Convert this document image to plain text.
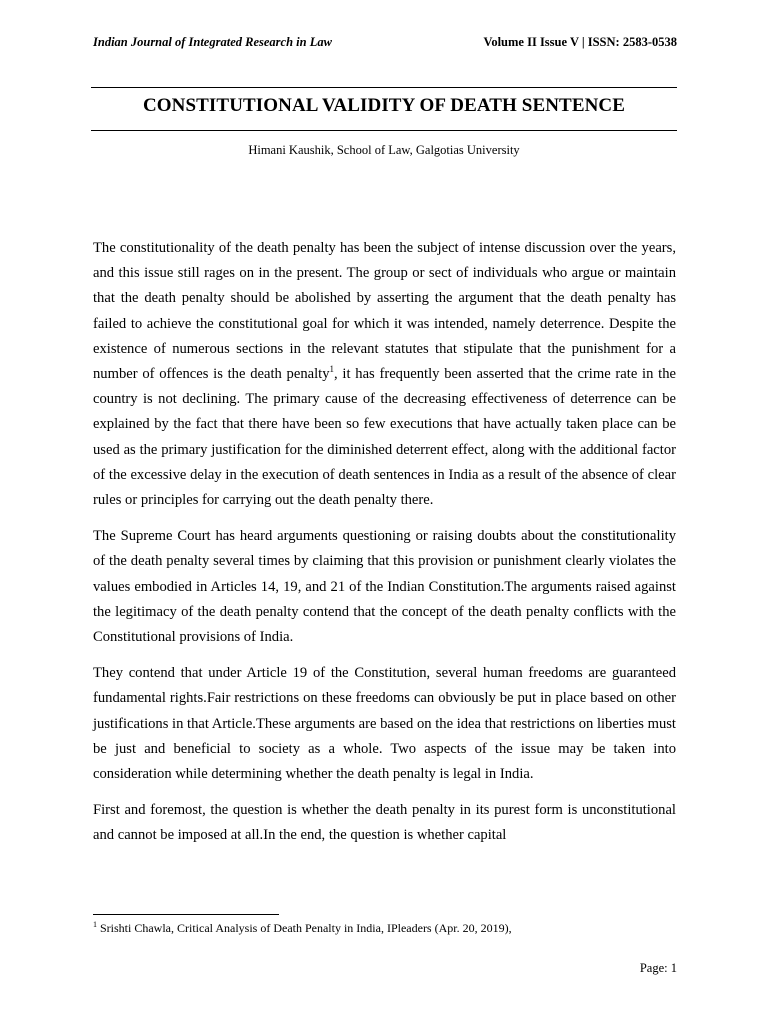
Indian Journal of Integrated Research in Law	Volume II Issue V | ISSN: 2583-0538
CONSTITUTIONAL VALIDITY OF DEATH SENTENCE
Himani Kaushik, School of Law, Galgotias University

The constitutionality of the death penalty has been the subject of intense discussion over the years, and this issue still rages on in the present. The group or sect of individuals who argue or maintain that the death penalty should be abolished by asserting the argument that the death penalty has failed to achieve the constitutional goal for which it was intended, namely deterrence. Despite the existence of numerous sections in the relevant statutes that stipulate that the punishment for a number of offences is the death penalty$^1$, it has frequently been asserted that the crime rate in the country is not declining. The primary cause of the decreasing effectiveness of deterrence can be explained by the fact that there have been so few executions that have actually taken place can be used as the primary justification for the diminished deterrent effect, along with the additional factor of the excessive delay in the execution of death sentences in India as a result of the absence of clear rules or principles for carrying out the death penalty there.

The Supreme Court has heard arguments questioning or raising doubts about the constitutionality of the death penalty several times by claiming that this provision or punishment clearly violates the values embodied in Articles 14, 19, and 21 of the Indian Constitution.The arguments raised against the legitimacy of the death penalty contend that the concept of the death penalty conflicts with the Constitutional provisions of India.

They contend that under Article 19 of the Constitution, several human freedoms are guaranteed fundamental rights.Fair restrictions on these freedoms can obviously be put in place based on other justifications in that Article.These arguments are based on the idea that restrictions on liberties must be just and beneficial to society as a whole. Two aspects of the issue may be taken into consideration while determining whether the death penalty is legal in India.

First and foremost, the question is whether the death penalty in its purest form is unconstitutional and cannot be imposed at all.In the end, the question is whether capital

$^1$ Srishti Chawla, Critical Analysis of Death Penalty in India, IPleaders (Apr. 20, 2019),
Page: 1
